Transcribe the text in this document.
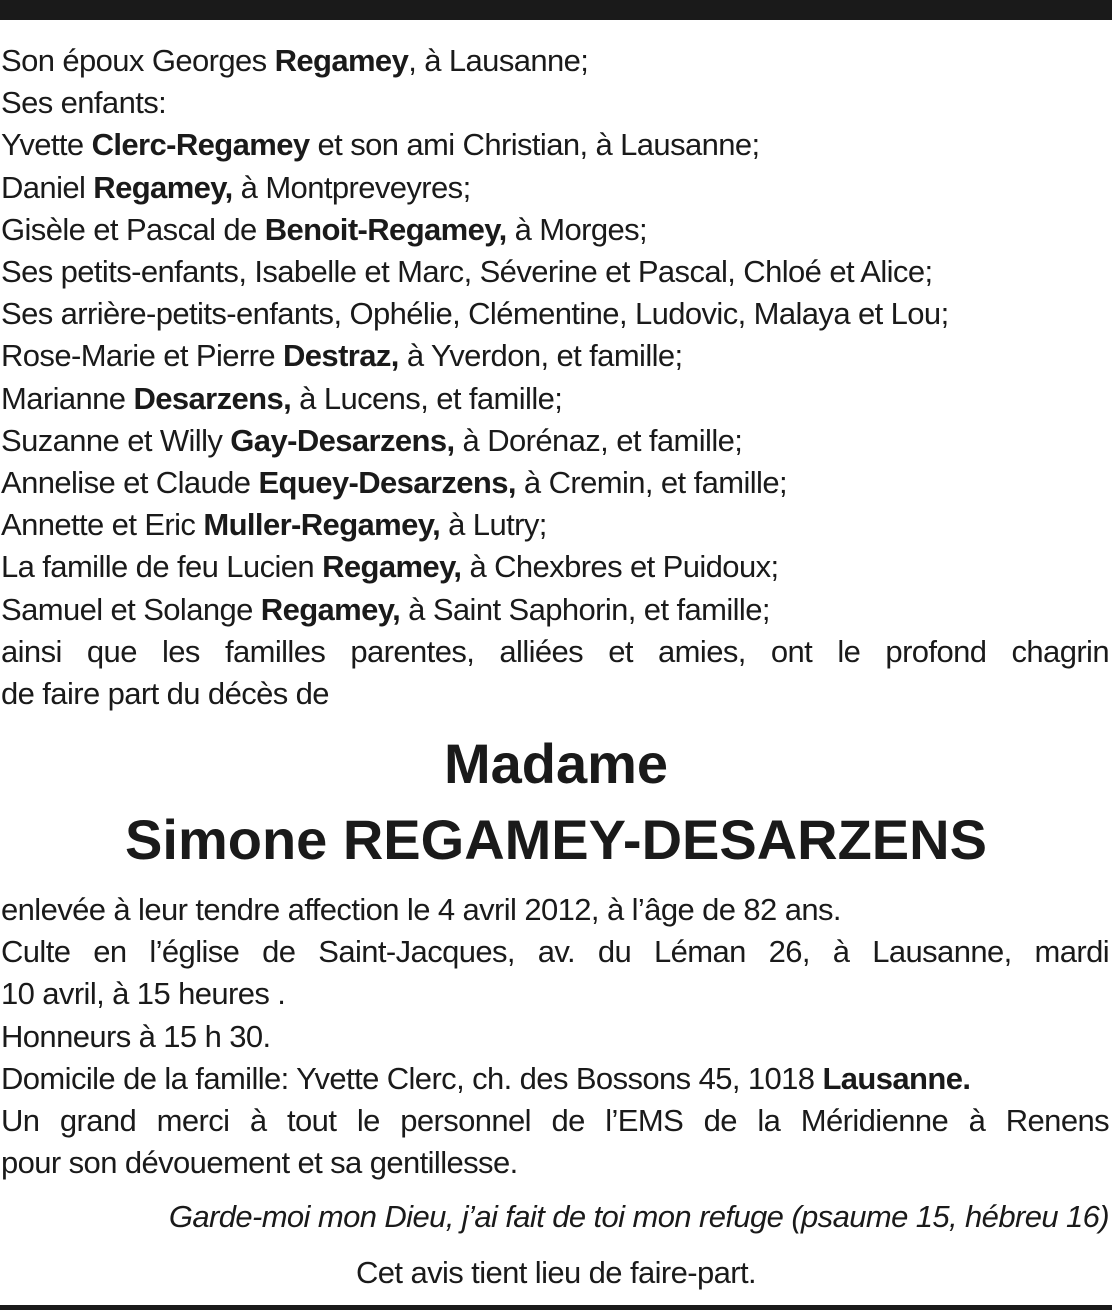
Son époux Georges Regamey, à Lausanne;
Ses enfants:
Yvette Clerc-Regamey et son ami Christian, à Lausanne;
Daniel Regamey, à Montpreveyres;
Gisèle et Pascal de Benoit-Regamey, à Morges;
Ses petits-enfants, Isabelle et Marc, Séverine et Pascal, Chloé et Alice;
Ses arrière-petits-enfants, Ophélie, Clémentine, Ludovic, Malaya et Lou;
Rose-Marie et Pierre Destraz, à Yverdon, et famille;
Marianne Desarzens, à Lucens, et famille;
Suzanne et Willy Gay-Desarzens, à Dorénaz, et famille;
Annelise et Claude Equey-Desarzens, à Cremin, et famille;
Annette et Eric Muller-Regamey, à Lutry;
La famille de feu Lucien Regamey, à Chexbres et Puidoux;
Samuel et Solange Regamey, à Saint Saphorin, et famille;
ainsi que les familles parentes, alliées et amies, ont le profond chagrin
de faire part du décès de
Madame
Simone REGAMEY-DESARZENS
enlevée à leur tendre affection le 4 avril 2012, à l’âge de 82 ans.
Culte en l’église de Saint-Jacques, av. du Léman 26, à Lausanne, mardi
10 avril, à 15 heures .
Honneurs à 15 h 30.
Domicile de la famille: Yvette Clerc, ch. des Bossons 45, 1018 Lausanne.
Un grand merci à tout le personnel de l’EMS de la Méridienne à Renens
pour son dévouement et sa gentillesse.
Garde-moi mon Dieu, j’ai fait de toi mon refuge (psaume 15, hébreu 16)
Cet avis tient lieu de faire-part.
